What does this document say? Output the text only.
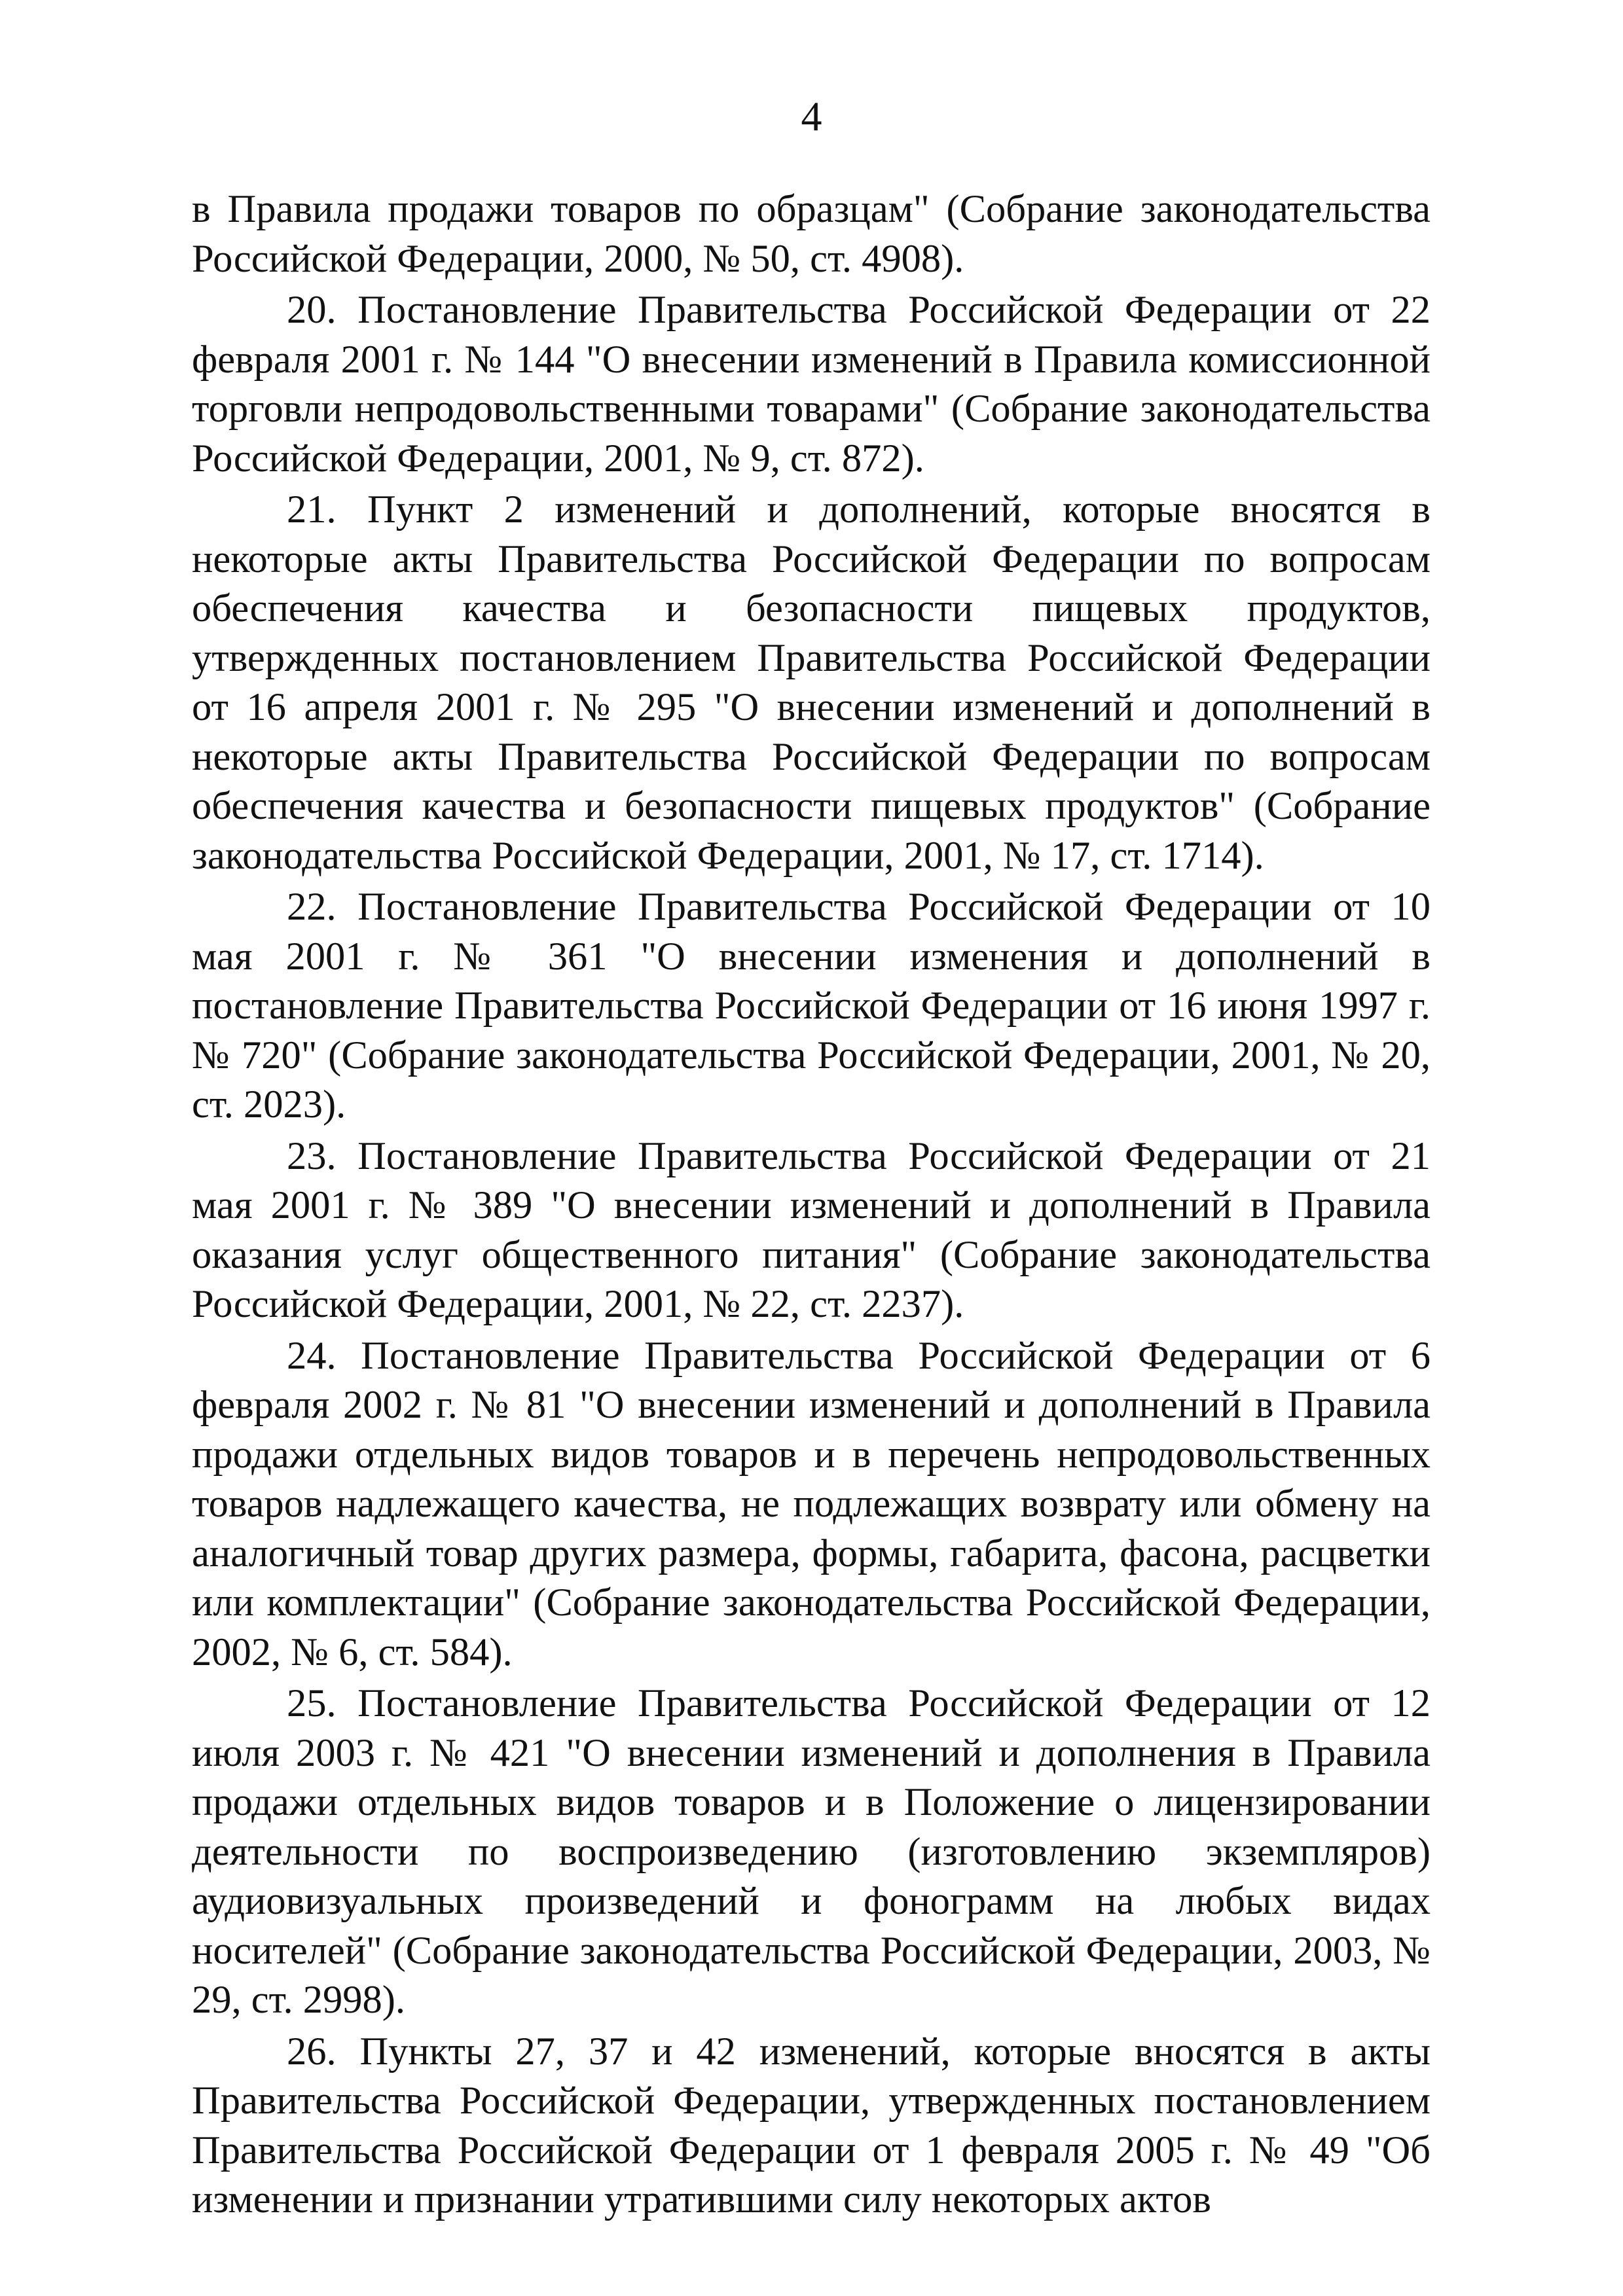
4

в Правила продажи товаров по образцам" (Собрание законодательства Российской Федерации, 2000, № 50, ст. 4908).

20. Постановление Правительства Российской Федерации от 22 февраля 2001 г. № 144 "О внесении изменений в Правила комиссионной торговли непродовольственными товарами" (Собрание законодательства Российской Федерации, 2001, № 9, ст. 872).

21. Пункт 2 изменений и дополнений, которые вносятся в некоторые акты Правительства Российской Федерации по вопросам обеспечения качества и безопасности пищевых продуктов, утвержденных постановлением Правительства Российской Федерации от 16 апреля 2001 г. № 295 "О внесении изменений и дополнений в некоторые акты Правительства Российской Федерации по вопросам обеспечения качества и безопасности пищевых продуктов" (Собрание законодательства Российской Федерации, 2001, № 17, ст. 1714).

22. Постановление Правительства Российской Федерации от 10 мая 2001 г. № 361 "О внесении изменения и дополнений в постановление Правительства Российской Федерации от 16 июня 1997 г. № 720" (Собрание законодательства Российской Федерации, 2001, № 20, ст. 2023).

23. Постановление Правительства Российской Федерации от 21 мая 2001 г. № 389 "О внесении изменений и дополнений в Правила оказания услуг общественного питания" (Собрание законодательства Российской Федерации, 2001, № 22, ст. 2237).

24. Постановление Правительства Российской Федерации от 6 февраля 2002 г. № 81 "О внесении изменений и дополнений в Правила продажи отдельных видов товаров и в перечень непродовольственных товаров надлежащего качества, не подлежащих возврату или обмену на аналогичный товар других размера, формы, габарита, фасона, расцветки или комплектации" (Собрание законодательства Российской Федерации, 2002, № 6, ст. 584).

25. Постановление Правительства Российской Федерации от 12 июля 2003 г. № 421 "О внесении изменений и дополнения в Правила продажи отдельных видов товаров и в Положение о лицензировании деятельности по воспроизведению (изготовлению экземпляров) аудиовизуальных произведений и фонограмм на любых видах носителей" (Собрание законодательства Российской Федерации, 2003, № 29, ст. 2998).

26. Пункты 27, 37 и 42 изменений, которые вносятся в акты Правительства Российской Федерации, утвержденных постановлением Правительства Российской Федерации от 1 февраля 2005 г. № 49 "Об изменении и признании утратившими силу некоторых актов
